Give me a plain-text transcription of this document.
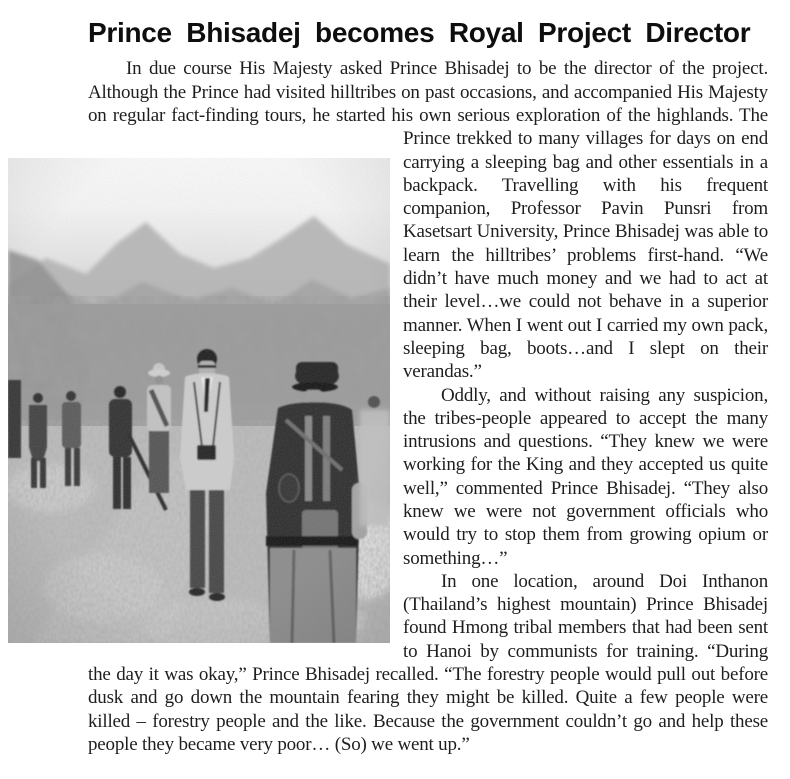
Prince Bhisadej becomes Royal Project Director

In due course His Majesty asked Prince Bhisadej to be the director of the project. Although the Prince had visited hilltribes on past occasions, and accompanied His Majesty on regular fact-finding tours, he started his own serious exploration of the highlands. The Prince trekked to many villages for days on end carrying a sleeping bag and other essentials in a backpack. Travelling with his frequent companion, Professor Pavin Punsri from Kasetsart University, Prince Bhisadej was able to learn the hilltribes’ problems first-hand. “We didn’t have much money and we had to act at their level…we could not behave in a superior manner. When I went out I carried my own pack, sleeping bag, boots…and I slept on their verandas.”

Oddly, and without raising any suspicion, the tribes-people appeared to accept the many intrusions and questions. “They knew we were working for the King and they accepted us quite well,” commented Prince Bhisadej. “They also knew we were not government officials who would try to stop them from growing opium or something…”

In one location, around Doi Inthanon (Thailand’s highest mountain) Prince Bhisadej found Hmong tribal members that had been sent to Hanoi by communists for training. “During the day it was okay,” Prince Bhisadej recalled. “The forestry people would pull out before dusk and go down the mountain fearing they might be killed. Quite a few people were killed – forestry people and the like. Because the government couldn’t go and help these people they became very poor… (So) we went up.”
